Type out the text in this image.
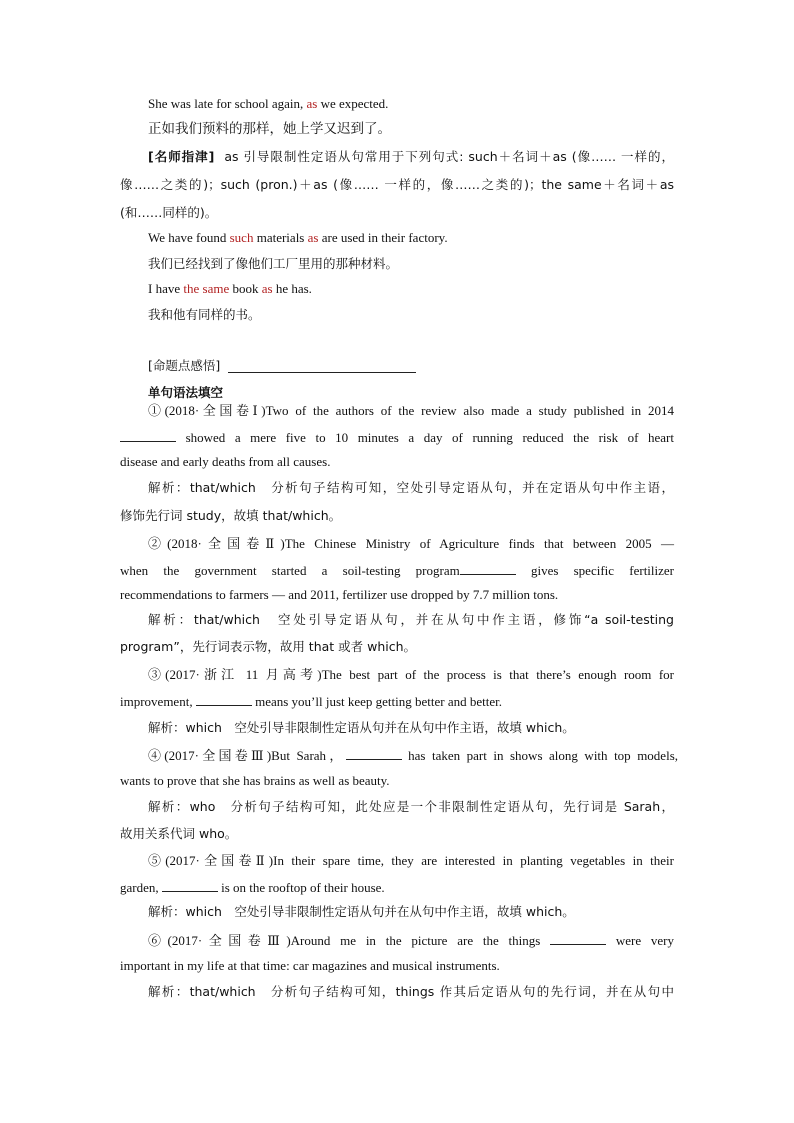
She was late for school again, as we expected.
正如我们预料的那样，她上学又迟到了。
[名师指津] as 引导限制性定语从句常用于下列句式: such＋名词＋as (像…… 一样的，
像……之类的)；such (pron.)＋as (像…… 一样的，像……之类的)；the same＋名词＋as
(和……同样的)。
We have found such materials as are used in their factory.
我们已经找到了像他们工厂里用的那种材料。
I have the same book as he has.
我和他有同样的书。
[命题点感悟]
单句语法填空
①(2018·全国卷Ⅰ)Two of the authors of the review also made a study published in 2014
showed a mere five to 10 minutes a day of running reduced the risk of heart
disease and early deaths from all causes.
解析：that/which　分析句子结构可知，空处引导定语从句，并在定语从句中作主语，
修饰先行词 study，故填 that/which。
②(2018·全国卷Ⅱ)The Chinese Ministry of Agriculture finds that between 2005 —
when the government started a soil-testing program	gives specific fertilizer
recommendations to farmers — and 2011, fertilizer use dropped by 7.7 million tons.
解析：that/which　空处引导定语从句，并在从句中作主语，修饰“a soil-testing
program”，先行词表示物，故用 that 或者 which。
③(2017·浙江 11 月高考)The best part of the process is that there’s enough room for
improvement,	means you’ll just keep getting better and better.
解析：which　空处引导非限制性定语从句并在从句中作主语，故填 which。
④(2017·全国卷Ⅲ)But Sarah，	has taken part in shows along with top models,
wants to prove that she has brains as well as beauty.
解析：who　分析句子结构可知，此处应是一个非限制性定语从句，先行词是 Sarah，
故用关系代词 who。
⑤(2017·全国卷Ⅱ)In their spare time, they are interested in planting vegetables in their
garden,	is on the rooftop of their house.
解析：which　空处引导非限制性定语从句并在从句中作主语，故填 which。
⑥(2017·全国卷Ⅲ)Around me in the picture are the things	were very
important in my life at that time: car magazines and musical instruments.
解析：that/which　分析句子结构可知，things 作其后定语从句的先行词，并在从句中
